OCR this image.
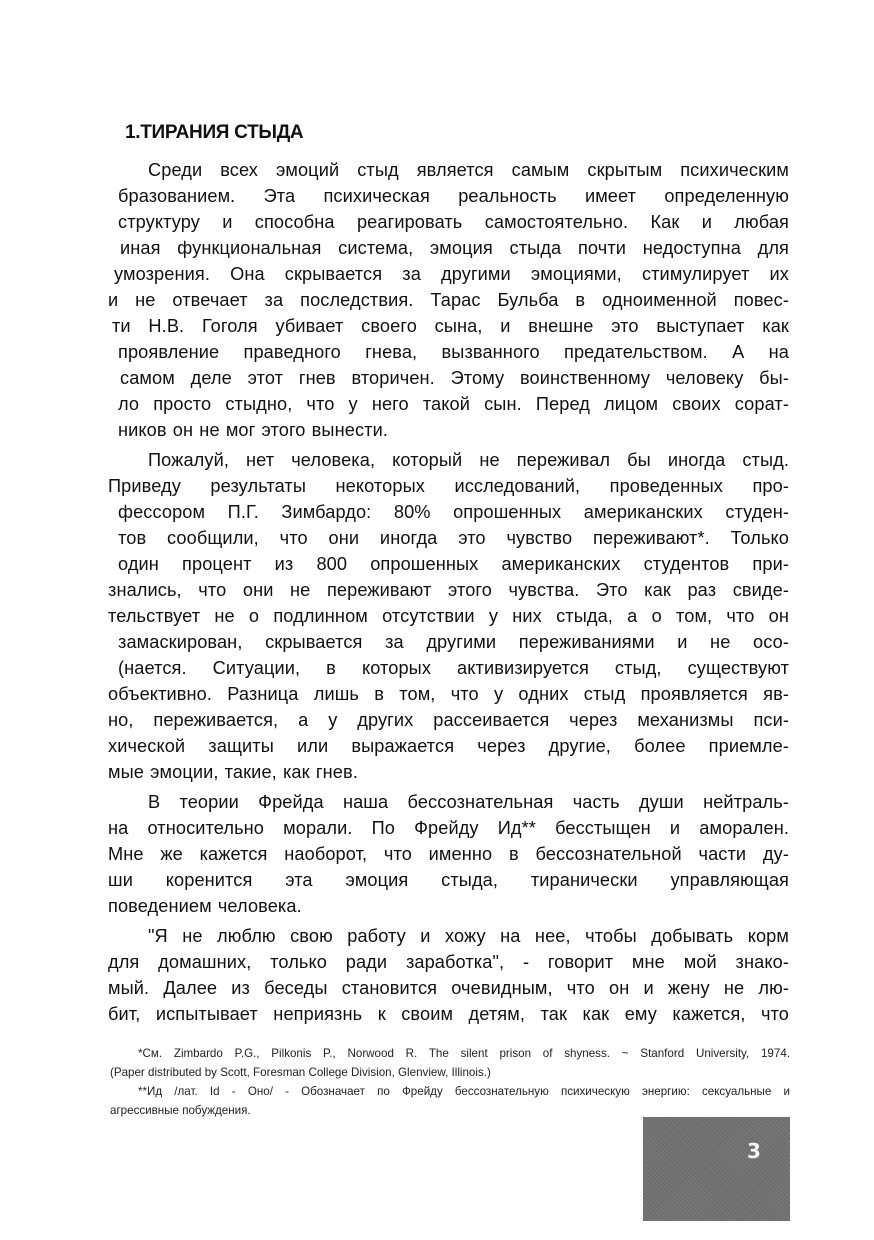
1.ТИРАНИЯ СТЫДА
Среди всех эмоций стыд является самым скрытым психическим
бразованием. Эта психическая реальность имеет определенную
структуру и способна реагировать самостоятельно. Как и любая
иная функциональная система, эмоция стыда почти недоступна для
умозрения. Она скрывается за другими эмоциями, стимулирует их
и не отвечает за последствия. Тарас Бульба в одноименной повес-
ти Н.В. Гоголя убивает своего сына, и внешне это выступает как
проявление праведного гнева, вызванного предательством. А на
самом деле этот гнев вторичен. Этому воинственному человеку бы-
ло просто стыдно, что у него такой сын. Перед лицом своих сорат-
ников он не мог этого вынести.
Пожалуй, нет человека, который не переживал бы иногда стыд.
Приведу результаты некоторых исследований, проведенных про-
фессором П.Г. Зимбардо: 80% опрошенных американских студен-
тов сообщили, что они иногда это чувство переживают*. Только
один процент из 800 опрошенных американских студентов при-
знались, что они не переживают этого чувства. Это как раз свиде-
тельствует не о подлинном отсутствии у них стыда, а о том, что он
замаскирован, скрывается за другими переживаниями и не осо-
(нается. Ситуации, в которых активизируется стыд, существуют
объективно. Разница лишь в том, что у одних стыд проявляется яв-
но, переживается, а у других рассеивается через механизмы пси-
хической защиты или выражается через другие, более приемле-
мые эмоции, такие, как гнев.
В теории Фрейда наша бессознательная часть души нейтраль-
на относительно морали. По Фрейду Ид** бесстыщен и аморален.
Мне же кажется наоборот, что именно в бессознательной части ду-
ши коренится эта эмоция стыда, тиранически управляющая
поведением человека.
"Я не люблю свою работу и хожу на нее, чтобы добывать корм
для домашних, только ради заработка", - говорит мне мой знако-
мый. Далее из беседы становится очевидным, что он и жену не лю-
бит, испытывает неприязнь к своим детям, так как ему кажется, что
*См. Zimbardo P.G., Pilkonis P., Norwood R. The silent prison of shyness. ~ Stanford University, 1974.
(Paper distributed by Scott, Foresman College Division, Glenview, Illinois.)
**Ид /лат. Id - Оно/ - Обозначает по Фрейду бессознательную психическую энергию: сексуальные и
агрессивные побуждения.
3
